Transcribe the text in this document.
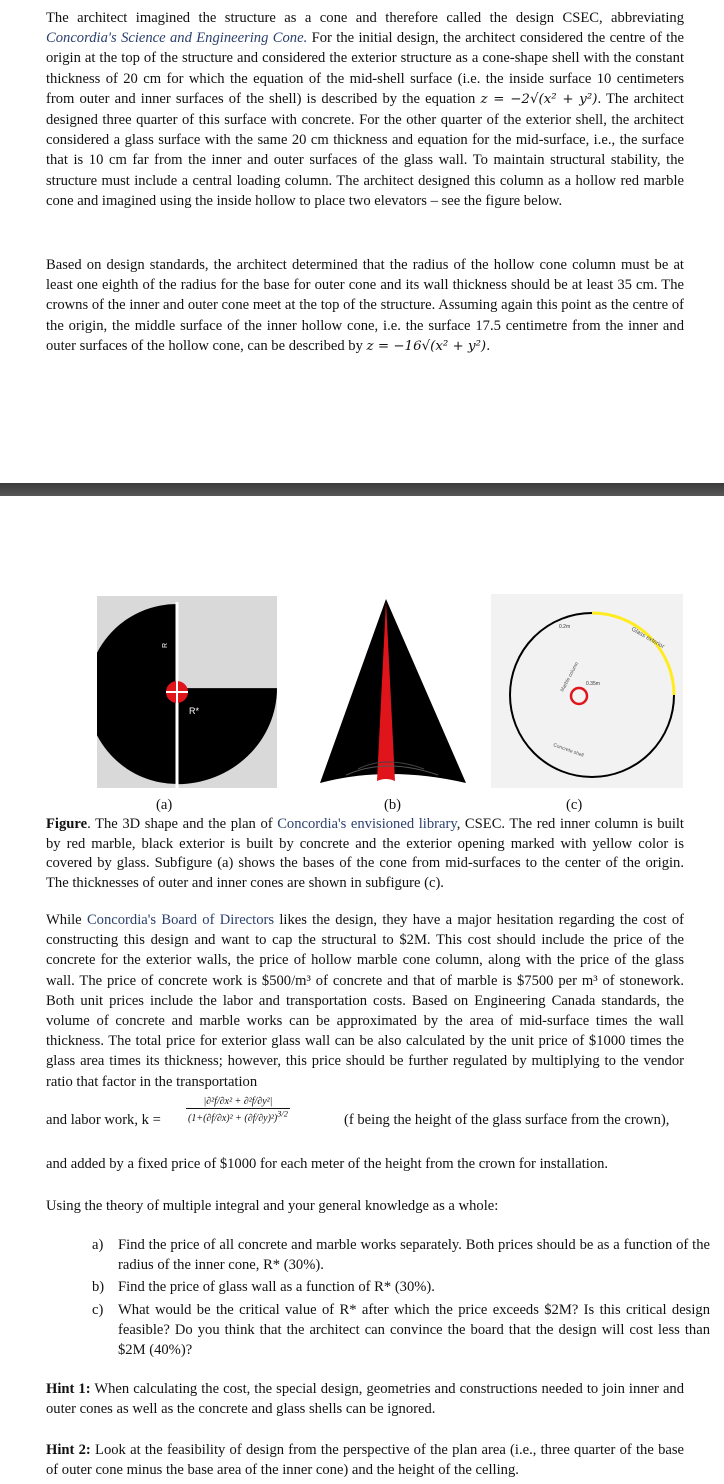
The architect imagined the structure as a cone and therefore called the design CSEC, abbreviating Concordia's Science and Engineering Cone. For the initial design, the architect considered the centre of the origin at the top of the structure and considered the exterior structure as a cone-shape shell with the constant thickness of 20 cm for which the equation of the mid-shell surface (i.e. the inside surface 10 centimeters from outer and inner surfaces of the shell) is described by the equation z = −2√(x² + y²). The architect designed three quarter of this surface with concrete. For the other quarter of the exterior shell, the architect considered a glass surface with the same 20 cm thickness and equation for the mid-surface, i.e., the surface that is 10 cm far from the inner and outer surfaces of the glass wall. To maintain structural stability, the structure must include a central loading column. The architect designed this column as a hollow red marble cone and imagined using the inside hollow to place two elevators – see the figure below.

Based on design standards, the architect determined that the radius of the hollow cone column must be at least one eighth of the radius for the base for outer cone and its wall thickness should be at least 35 cm. The crowns of the inner and outer cone meet at the top of the structure. Assuming again this point as the centre of the origin, the middle surface of the inner hollow cone, i.e. the surface 17.5 centimetre from the inner and outer surfaces of the hollow cone, can be described by z = −16√(x² + y²).

R
R*
0.2m
0.35m
Glass exterior
Marble column
Concrete shell
(a)	(b)	(c)

Figure. The 3D shape and the plan of Concordia's envisioned library, CSEC. The red inner column is built by red marble, black exterior is built by concrete and the exterior opening marked with yellow color is covered by glass. Subfigure (a) shows the bases of the cone from mid-surfaces to the center of the origin. The thicknesses of outer and inner cones are shown in subfigure (c).

While Concordia's Board of Directors likes the design, they have a major hesitation regarding the cost of constructing this design and want to cap the structural to $2M. This cost should include the price of the concrete for the exterior walls, the price of hollow marble cone column, along with the price of the glass wall. The price of concrete work is $500/m³ of concrete and that of marble is $7500 per m³ of stonework. Both unit prices include the labor and transportation costs. Based on Engineering Canada standards, the volume of concrete and marble works can be approximated by the area of mid-surface times the wall thickness. The total price for exterior glass wall can be also calculated by the unit price of $1000 times the glass area times its thickness; however, this price should be further regulated by multiplying to the vendor ratio that factor in the transportation

and labor work, k =	$\frac{\text{|∂²f/∂x² + ∂²f/∂y²|}}{(1+(\partial f/\partial x)^2 + (\partial f/\partial y)^2)^{3/2}}$	(f being the height of the glass surface from the crown),

and added by a fixed price of $1000 for each meter of the height from the crown for installation.

Using the theory of multiple integral and your general knowledge as a whole:

a) Find the price of all concrete and marble works separately. Both prices should be as a function of the radius of the inner cone, R* (30%).
b) Find the price of glass wall as a function of R* (30%).
c) What would be the critical value of R* after which the price exceeds $2M? Is this critical design feasible? Do you think that the architect can convince the board that the design will cost less than $2M (40%)?

Hint 1: When calculating the cost, the special design, geometries and constructions needed to join inner and outer cones as well as the concrete and glass shells can be ignored.

Hint 2: Look at the feasibility of design from the perspective of the plan area (i.e., three quarter of the base of outer cone minus the base area of the inner cone) and the height of the celling.
